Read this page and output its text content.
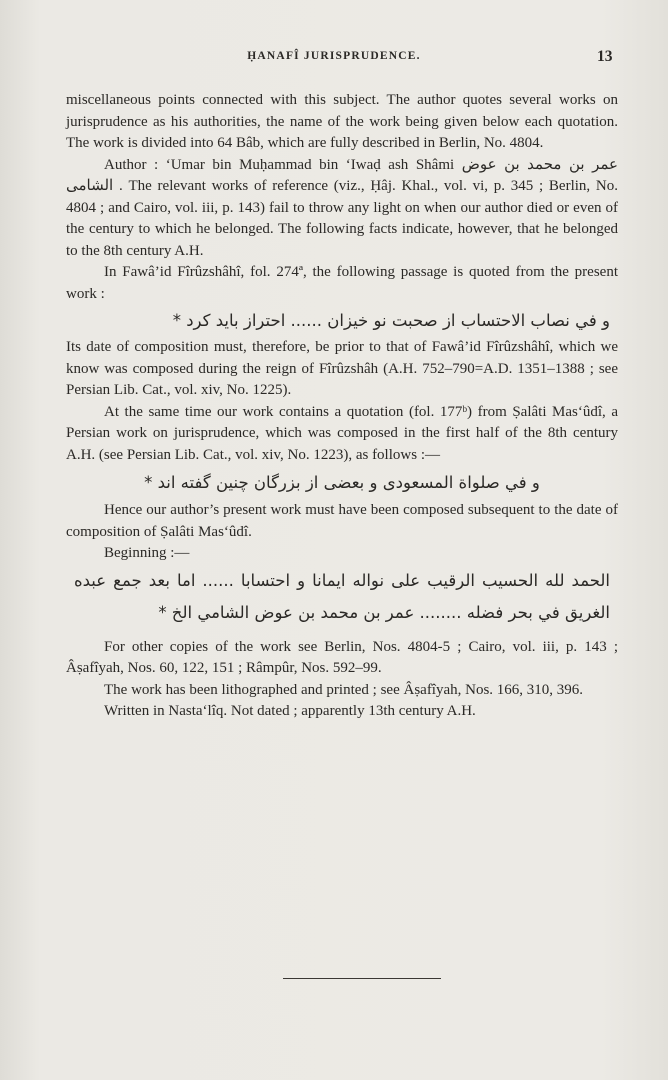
ḤANAFÎ JURISPRUDENCE.	13

miscellaneous points connected with this subject. The author quotes several works on jurisprudence as his authorities, the name of the work being given below each quotation. The work is divided into 64 Bâb, which are fully described in Berlin, No. 4804.

Author : ‘Umar bin Muḥammad bin ‘Iwaḍ ash Shâmi عمر بن محمد بن عوض الشامی . The relevant works of reference (viz., Ḥâj. Khal., vol. vi, p. 345 ; Berlin, No. 4804 ; and Cairo, vol. iii, p. 143) fail to throw any light on when our author died or even of the century to which he belonged. The following facts indicate, however, that he belonged to the 8th century A.H.

In Fawâ’id Fîrûzshâhî, fol. 274ª, the following passage is quoted from the present work :

و في نصاب الاحتساب از صحبت نو خيزان ...... احتراز بايد كرد *

Its date of composition must, therefore, be prior to that of Fawâ’id Fîrûzshâhî, which we know was composed during the reign of Fîrûzshâh (A.H. 752–790=A.D. 1351–1388 ; see Persian Lib. Cat., vol. xiv, No. 1225).

At the same time our work contains a quotation (fol. 177ᵇ) from Ṣalâti Mas‘ûdî, a Persian work on jurisprudence, which was composed in the first half of the 8th century A.H. (see Persian Lib. Cat., vol. xiv, No. 1223), as follows :—

و في صلواة المسعودى و بعضى از بزرگان چنين گفته اند *

Hence our author’s present work must have been composed subsequent to the date of composition of Ṣalâti Mas‘ûdî.

Beginning :—

الحمد لله الحسيب الرقيب على نواله ايمانا و احتسابا ...... اما بعد جمع عبده الغريق في بحر فضله ........ عمر بن محمد بن عوض الشامي الخ *

For other copies of the work see Berlin, Nos. 4804-5 ; Cairo, vol. iii, p. 143 ; Âṣafîyah, Nos. 60, 122, 151 ; Râmpûr, Nos. 592–99.

The work has been lithographed and printed ; see Âṣafîyah, Nos. 166, 310, 396.

Written in Nasta‘lîq. Not dated ; apparently 13th century A.H.
